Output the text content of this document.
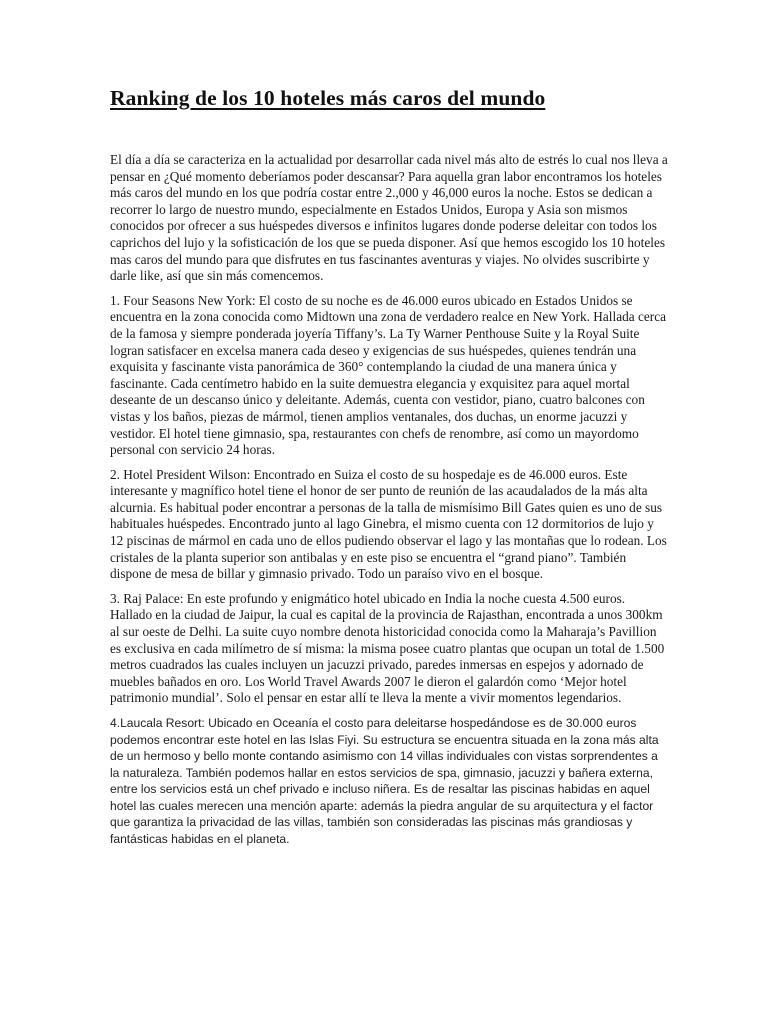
Ranking de los 10 hoteles más caros del mundo

El día a día se caracteriza en la actualidad por desarrollar cada nivel más alto de estrés lo cual nos lleva a pensar en ¿Qué momento deberíamos poder descansar? Para aquella gran labor encontramos los hoteles más caros del mundo en los que podría costar entre 2.,000 y 46,000 euros la noche. Estos se dedican a recorrer lo largo de nuestro mundo, especialmente en Estados Unidos, Europa y Asia son mismos conocidos por ofrecer a sus huéspedes diversos e infinitos lugares donde poderse deleitar con todos los caprichos del lujo y la sofisticación de los que se pueda disponer. Así que hemos escogido los 10 hoteles mas caros del mundo para que disfrutes en tus fascinantes aventuras y viajes. No olvides suscribirte y darle like, así que sin más comencemos.

1. Four Seasons New York: El costo de su noche es de 46.000 euros ubicado en Estados Unidos se encuentra en la zona conocida como Midtown una zona de verdadero realce en New York. Hallada cerca de la famosa y siempre ponderada joyería Tiffany’s. La Ty Warner Penthouse Suite y la Royal Suite logran satisfacer en excelsa manera cada deseo y exigencias de sus huéspedes, quienes tendrán una exquisita y fascinante vista panorámica de 360° contemplando la ciudad de una manera única y fascinante. Cada centímetro habido en la suite demuestra elegancia y exquisitez para aquel mortal deseante de un descanso único y deleitante. Además, cuenta con vestidor, piano, cuatro balcones con vistas y los baños, piezas de mármol, tienen amplios ventanales, dos duchas, un enorme jacuzzi y vestidor. El hotel tiene gimnasio, spa, restaurantes con chefs de renombre, así como un mayordomo personal con servicio 24 horas.

2. Hotel President Wilson: Encontrado en Suiza el costo de su hospedaje es de 46.000 euros. Este interesante y magnífico hotel tiene el honor de ser punto de reunión de las acaudalados de la más alta alcurnia. Es habitual poder encontrar a personas de la talla de mismísimo Bill Gates quien es uno de sus habituales huéspedes. Encontrado junto al lago Ginebra, el mismo cuenta con 12 dormitorios de lujo y 12 piscinas de mármol en cada uno de ellos pudiendo observar el lago y las montañas que lo rodean. Los cristales de la planta superior son antibalas y en este piso se encuentra el “grand piano”. También dispone de mesa de billar y gimnasio privado. Todo un paraíso vivo en el bosque.

3. Raj Palace: En este profundo y enigmático hotel ubicado en India la noche cuesta 4.500 euros. Hallado en la ciudad de Jaipur, la cual es capital de la provincia de Rajasthan, encontrada a unos 300km al sur oeste de Delhi. La suite cuyo nombre denota historicidad conocida como la Maharaja’s Pavillion es exclusiva en cada milímetro de sí misma: la misma posee cuatro plantas que ocupan un total de 1.500 metros cuadrados las cuales incluyen un jacuzzi privado, paredes inmersas en espejos y adornado de muebles bañados en oro. Los World Travel Awards 2007 le dieron el galardón como ‘Mejor hotel patrimonio mundial’. Solo el pensar en estar allí te lleva la mente a vivir momentos legendarios.

4.Laucala Resort: Ubicado en Oceanía el costo para deleitarse hospedándose es de 30.000 euros podemos encontrar este hotel en las Islas Fiyi. Su estructura se encuentra situada en la zona más alta de un hermoso y bello monte contando asimismo con 14 villas individuales con vistas sorprendentes a la naturaleza. También podemos hallar en estos servicios de spa, gimnasio, jacuzzi y bañera externa, entre los servicios está un chef privado e incluso niñera. Es de resaltar las piscinas habidas en aquel hotel las cuales merecen una mención aparte: además la piedra angular de su arquitectura y el factor que garantiza la privacidad de las villas, también son consideradas las piscinas más grandiosas y fantásticas habidas en el planeta.
